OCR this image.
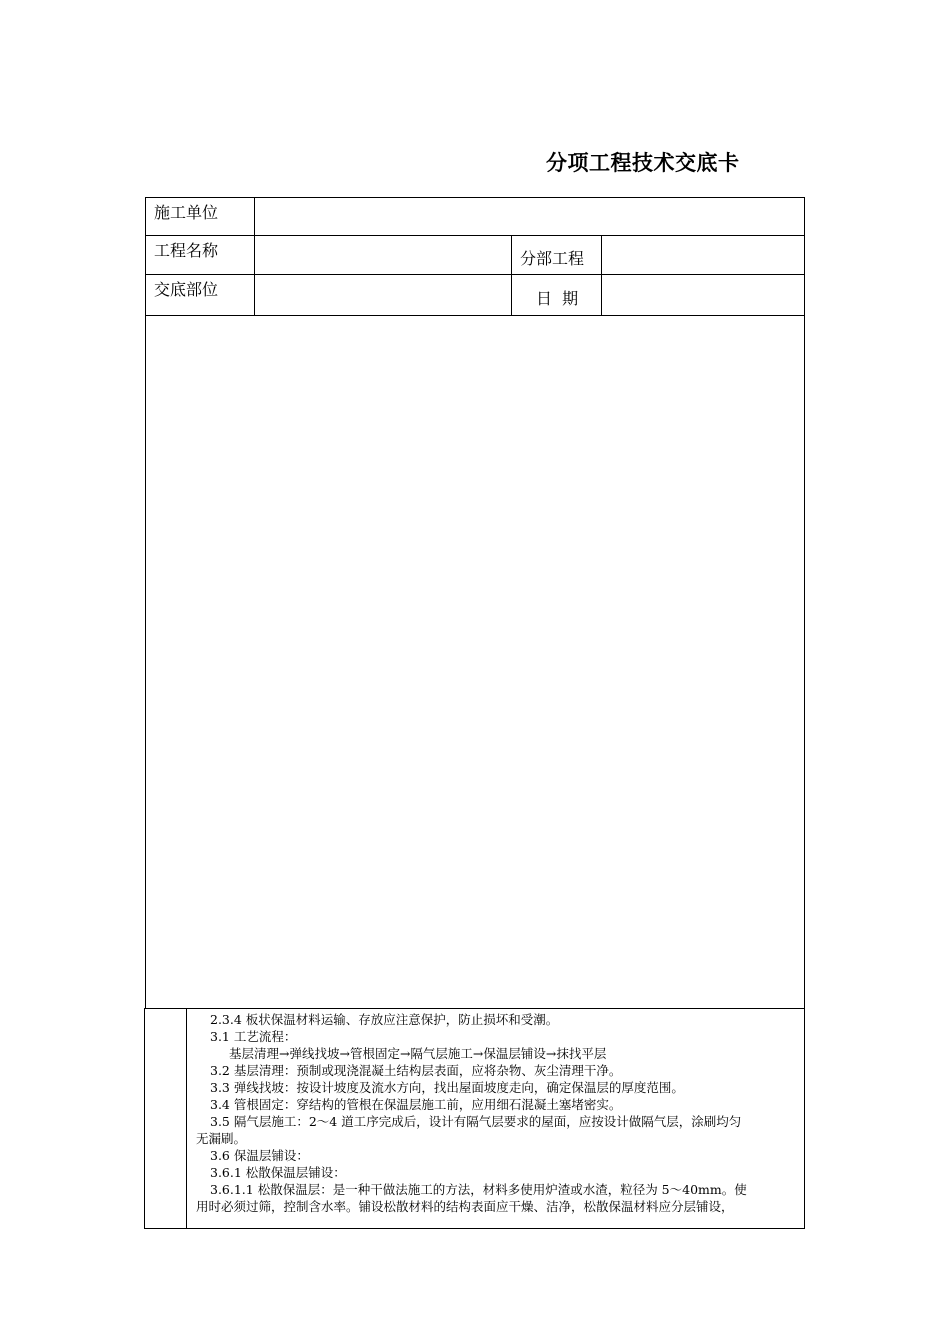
分项工程技术交底卡
施工单位
工程名称	分部工程
交底部位	日  期

2.3.4 板状保温材料运输、存放应注意保护，防止损坏和受潮。

3.1 工艺流程：

基层清理→弹线找坡→管根固定→隔气层施工→保温层铺设→抹找平层

3.2 基层清理：预制或现浇混凝土结构层表面，应将杂物、灰尘清理干净。

3.3 弹线找坡：按设计坡度及流水方向，找出屋面坡度走向，确定保温层的厚度范围。

3.4 管根固定：穿结构的管根在保温层施工前，应用细石混凝土塞堵密实。

3.5 隔气层施工：2～4 道工序完成后，设计有隔气层要求的屋面，应按设计做隔气层，涂刷均匀

无漏刷。

3.6 保温层铺设：

3.6.1 松散保温层铺设：

3.6.1.1 松散保温层：是一种干做法施工的方法，材料多使用炉渣或水渣，粒径为 5～40mm。使

用时必须过筛，控制含水率。铺设松散材料的结构表面应干燥、洁净，松散保温材料应分层铺设，
